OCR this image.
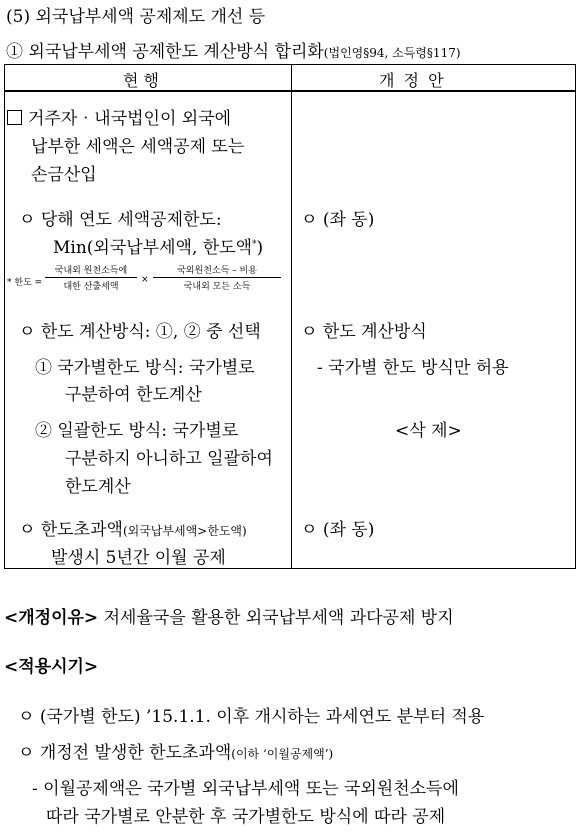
(5) 외국납부세액 공제제도 개선 등
① 외국납부세액 공제한도 계산방식 합리화(법인영§94, 소득령§117)
현 행	개 정 안
거주자‧내국법인이 외국에
납부한 세액은 세액공제 또는
손금산입
ㅇ 당해 연도 세액공제한도:
Min(외국납부세액, 한도액*)
* 한도 =
국내외 원천소득에
대한 산출세액
×
국외원천소득 – 비용
국내외 모든 소득
ㅇ 한도 계산방식: ①, ② 중 선택
① 국가별한도 방식: 국가별로
구분하여 한도계산
② 일괄한도 방식: 국가별로
구분하지 아니하고 일괄하여
한도계산
ㅇ 한도초과액(외국납부세액>한도액)
발생시 5년간 이월 공제
ㅇ (좌 동)
ㅇ 한도 계산방식
- 국가별 한도 방식만 허용
<삭 제>
ㅇ (좌 동)
<개정이유> 저세율국을 활용한 외국납부세액 과다공제 방지
<적용시기>
ㅇ (국가별 한도) ’15.1.1. 이후 개시하는 과세연도 분부터 적용
ㅇ 개정전 발생한 한도초과액(이하 ‘이월공제액’)
- 이월공제액은 국가별 외국납부세액 또는 국외원천소득에
따라 국가별로 안분한 후 국가별한도 방식에 따라 공제
